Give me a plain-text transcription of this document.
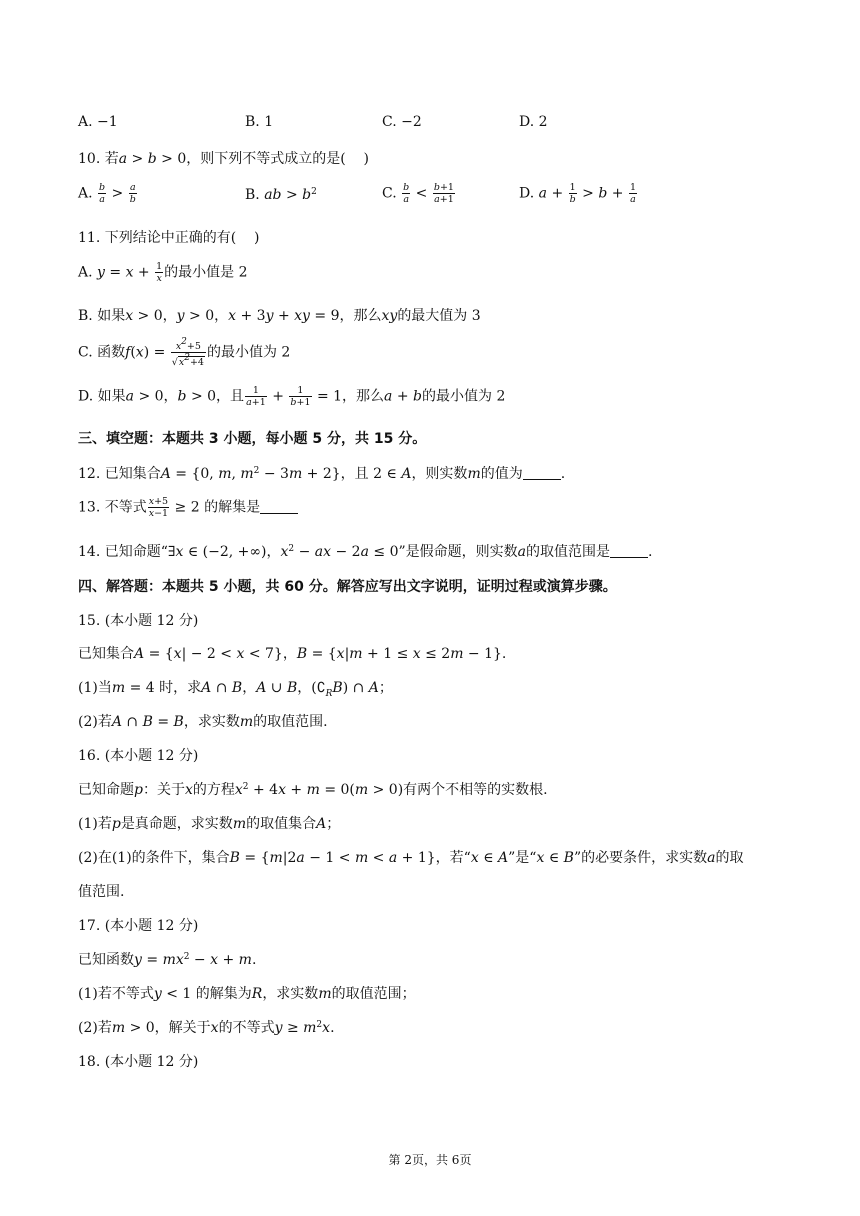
A. −1	B. 1	C. −2	D. 2
10. 若a > b > 0，则下列不等式成立的是(    )
A. $\frac{b}{a} > \frac{a}{b}$	B. ab > $b^2$	C. $\frac{b}{a} < \frac{b+1}{a+1}$	D. $a + \frac{1}{b} > b + \frac{1}{a}$
11. 下列结论中正确的有(    )
A. $y = x + \frac{1}{x}$ 的最小值是 2
B. 如果x > 0，y > 0，x + 3y + xy = 9，那么xy的最大值为 3
C. 函数$f(x) = \frac{x^2+5}{√x^2+4}$ 的最小值为 2
D. 如果a > 0，b > 0，且 $\frac{1}{a+1} + \frac{1}{b+1} = 1$，那么a + b的最小值为 2
三、填空题：本题共 3 小题，每小题 5 分，共 15 分。
12. 已知集合A = {0, m, $m^2 - 3m + 2$}，且 2 ∈ A，则实数m的值为	.
13. 不等式 $\frac{x+5}{x-1} \ge 2$ 的解集是
14. 已知命题“∃x ∈ (−2, +∞)，$x^2$ − ax − 2a ≤ 0”是假命题，则实数a的取值范围是	.
四、解答题：本题共 5 小题，共 60 分。解答应写出文字说明，证明过程或演算步骤。
15. (本小题 12 分)
已知集合A = {x| − 2 < x < 7}，B = {x|m + 1 ≤ x ≤ 2m − 1}.
(1)当m = 4 时，求A ∩ B，A ∪ B，$(∁_RB)$ ∩ A；
(2)若A ∩ B = B，求实数m的取值范围.
16. (本小题 12 分)
已知命题p：关于x的方程$x^2 + 4x + m = 0(m > 0)$有两个不相等的实数根.
(1)若p是真命题，求实数m的取值集合A；
(2)在(1)的条件下，集合B = {m|2a − 1 < m < a + 1}，若“x ∈ A”是“x ∈ B”的必要条件，求实数a的取
值范围.
17. (本小题 12 分)
已知函数$y = mx^2 - x + m$.
(1)若不等式y < 1 的解集为R，求实数m的取值范围；
(2)若m > 0，解关于x的不等式$y \ge m^2x$.
18. (本小题 12 分)
第 2页，共 6页
